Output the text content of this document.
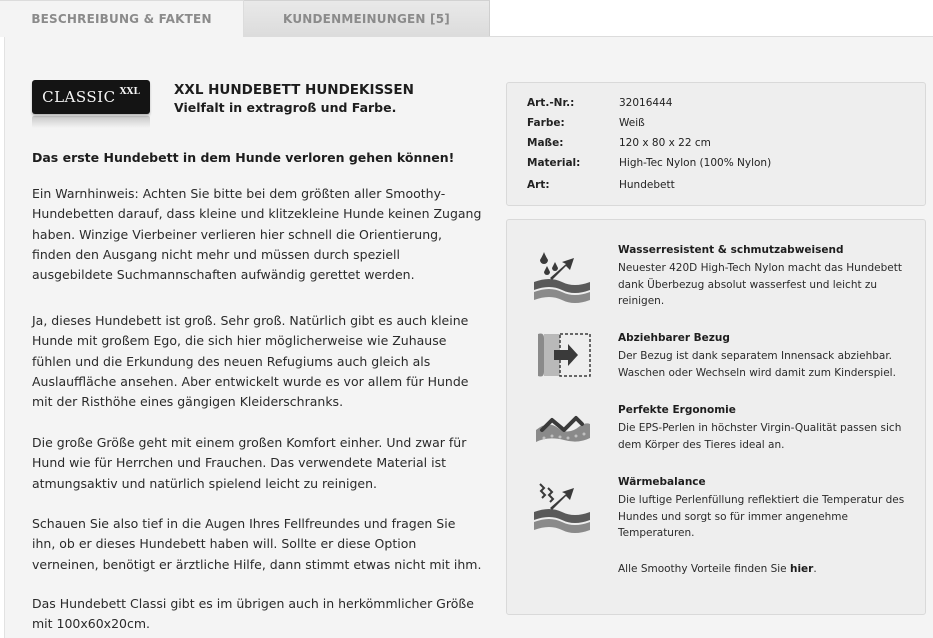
BESCHREIBUNG & FAKTEN	KUNDENMEINUNGEN [5]
CLASSIC XXL	XXL HUNDEBETT HUNDEKISSEN
Vielfalt in extragroß und Farbe.
Das erste Hundebett in dem Hunde verloren gehen können!
Ein Warnhinweis: Achten Sie bitte bei dem größten aller Smoothy-Hundebetten darauf, dass kleine und klitzekleine Hunde keinen Zugang haben. Winzige Vierbeiner verlieren hier schnell die Orientierung, finden den Ausgang nicht mehr und müssen durch speziell ausgebildete Suchmannschaften aufwändig gerettet werden.
Ja, dieses Hundebett ist groß. Sehr groß. Natürlich gibt es auch kleine Hunde mit großem Ego, die sich hier möglicherweise wie Zuhause fühlen und die Erkundung des neuen Refugiums auch gleich als Auslauffläche ansehen. Aber entwickelt wurde es vor allem für Hunde mit der Risthöhe eines gängigen Kleiderschranks.
Die große Größe geht mit einem großen Komfort einher. Und zwar für Hund wie für Herrchen und Frauchen. Das verwendete Material ist atmungsaktiv und natürlich spielend leicht zu reinigen.
Schauen Sie also tief in die Augen Ihres Fellfreundes und fragen Sie ihn, ob er dieses Hundebett haben will. Sollte er diese Option verneinen, benötigt er ärztliche Hilfe, dann stimmt etwas nicht mit ihm.
Das Hundebett Classi gibt es im übrigen auch in herkömmlicher Größe mit 100x60x20cm.
Art.-Nr.:	32016444
Farbe:	Weiß
Maße:	120 x 80 x 22 cm
Material:	High-Tec Nylon (100% Nylon)
Art:	Hundebett
Wasserresistent & schmutzabweisend
Neuester 420D High-Tech Nylon macht das Hundebett dank Überbezug absolut wasserfest und leicht zu reinigen.
Abziehbarer Bezug
Der Bezug ist dank separatem Innensack abziehbar. Waschen oder Wechseln wird damit zum Kinderspiel.
Perfekte Ergonomie
Die EPS-Perlen in höchster Virgin-Qualität passen sich dem Körper des Tieres ideal an.
Wärmebalance
Die luftige Perlenfüllung reflektiert die Temperatur des Hundes und sorgt so für immer angenehme Temperaturen.
Alle Smoothy Vorteile finden Sie hier.
